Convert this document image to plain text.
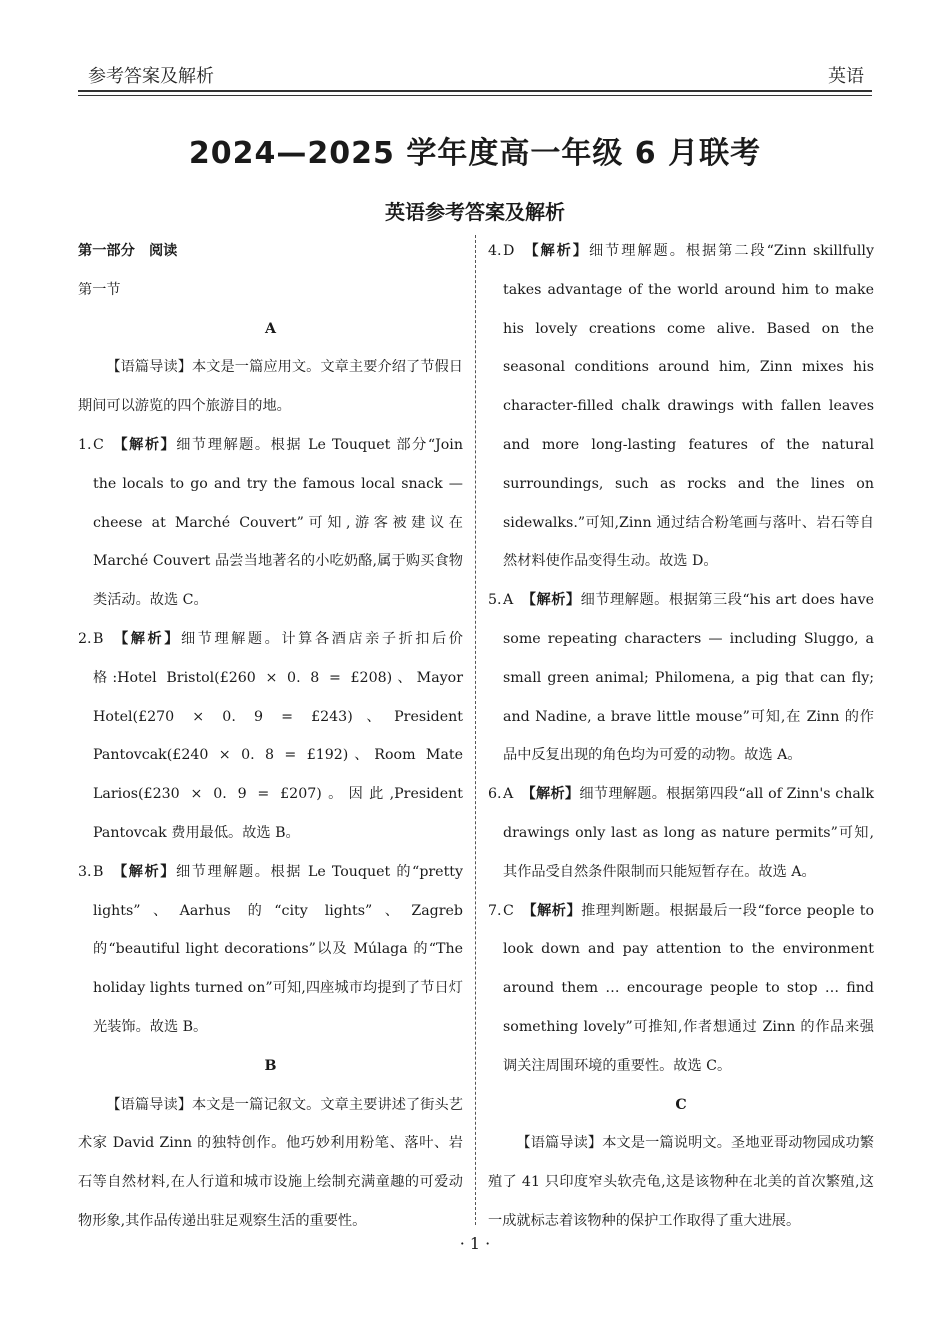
参考答案及解析	英语
2024—2025 学年度高一年级 6 月联考
英语参考答案及解析

第一部分　阅读

第一节

A

【语篇导读】本文是一篇应用文。文章主要介绍了节假日期间可以游览的四个旅游目的地。

1. C 【解析】细节理解题。根据 Le Touquet 部分“Join the locals to go and try the famous local snack — cheese at Marché Couvert”可知,游客被建议在 Marché Couvert 品尝当地著名的小吃奶酪,属于购买食物类活动。故选 C。

2. B 【解析】细节理解题。计算各酒店亲子折扣后价格:Hotel Bristol(£260 × 0. 8 = £208)、Mayor Hotel(£270 × 0. 9 = £243)、President Pantovcak(£240 × 0. 8 = £192)、Room Mate Larios(£230 × 0. 9 = £207)。因此,President Pantovcak 费用最低。故选 B。

3. B 【解析】细节理解题。根据 Le Touquet 的“pretty lights”、Aarhus 的“city lights”、Zagreb 的“beautiful light decorations”以及 Múlaga 的“The holiday lights turned on”可知,四座城市均提到了节日灯光装饰。故选 B。

B

【语篇导读】本文是一篇记叙文。文章主要讲述了街头艺术家 David Zinn 的独特创作。他巧妙利用粉笔、落叶、岩石等自然材料,在人行道和城市设施上绘制充满童趣的可爱动物形象,其作品传递出驻足观察生活的重要性。

4. D 【解析】细节理解题。根据第二段“Zinn skillfully takes advantage of the world around him to make his lovely creations come alive. Based on the seasonal conditions around him, Zinn mixes his character-filled chalk drawings with fallen leaves and more long-lasting features of the natural surroundings, such as rocks and the lines on sidewalks.”可知,Zinn 通过结合粉笔画与落叶、岩石等自然材料使作品变得生动。故选 D。

5. A 【解析】细节理解题。根据第三段“his art does have some repeating characters — including Sluggo, a small green animal; Philomena, a pig that can fly; and Nadine, a brave little mouse”可知,在 Zinn 的作品中反复出现的角色均为可爱的动物。故选 A。

6. A 【解析】细节理解题。根据第四段“all of Zinn's chalk drawings only last as long as nature permits”可知,其作品受自然条件限制而只能短暂存在。故选 A。

7. C 【解析】推理判断题。根据最后一段“force people to look down and pay attention to the environment around them … encourage people to stop … find something lovely”可推知,作者想通过 Zinn 的作品来强调关注周围环境的重要性。故选 C。

C

【语篇导读】本文是一篇说明文。圣地亚哥动物园成功繁殖了 41 只印度窄头软壳龟,这是该物种在北美的首次繁殖,这一成就标志着该物种的保护工作取得了重大进展。

· 1 ·
